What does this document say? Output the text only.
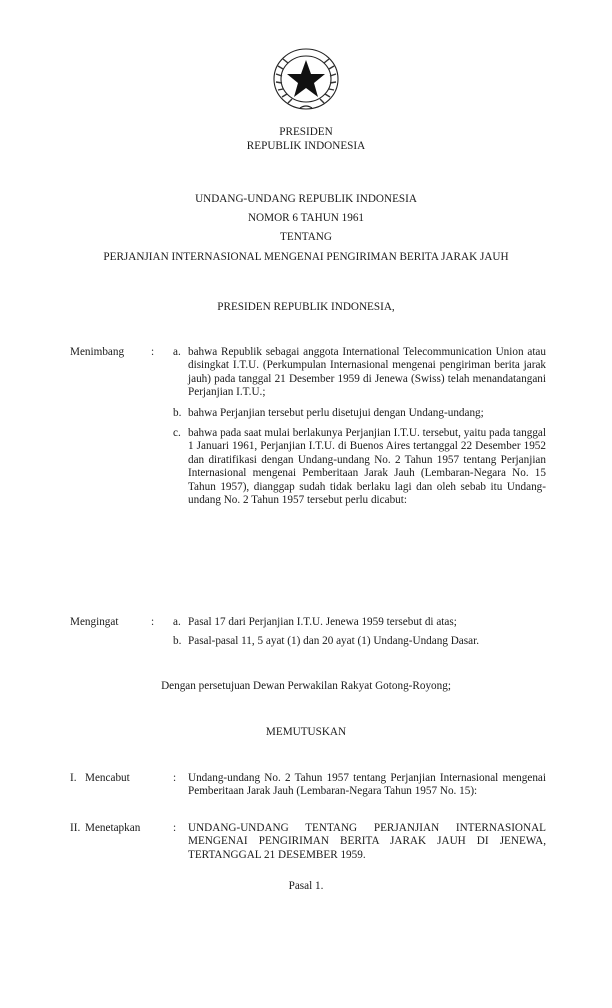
PRESIDEN
REPUBLIK INDONESIA
UNDANG-UNDANG REPUBLIK INDONESIA
NOMOR 6 TAHUN 1961
TENTANG
PERJANJIAN INTERNASIONAL MENGENAI PENGIRIMAN BERITA JARAK JAUH
PRESIDEN REPUBLIK INDONESIA,
Menimbang : a. bahwa Republik sebagai anggota International Telecommunication Union atau disingkat I.T.U. (Perkumpulan Internasional mengenai pengiriman berita jarak jauh) pada tanggal 21 Desember 1959 di Jenewa (Swiss) telah menandatangani Perjanjian I.T.U.;
b. bahwa Perjanjian tersebut perlu disetujui dengan Undang-undang;
c. bahwa pada saat mulai berlakunya Perjanjian I.T.U. tersebut, yaitu pada tanggal 1 Januari 1961, Perjanjian I.T.U. di Buenos Aires tertanggal 22 Desember 1952 dan diratifikasi dengan Undang-undang No. 2 Tahun 1957 tentang Perjanjian Internasional mengenai Pemberitaan Jarak Jauh (Lembaran-Negara No. 15 Tahun 1957), dianggap sudah tidak berlaku lagi dan oleh sebab itu Undang-undang No. 2 Tahun 1957 tersebut perlu dicabut:
Mengingat	: a. Pasal 17 dari Perjanjian I.T.U. Jenewa 1959 tersebut di atas;
b. Pasal-pasal 11, 5 ayat (1) dan 20 ayat (1) Undang-Undang Dasar.
Dengan persetujuan Dewan Perwakilan Rakyat Gotong-Royong;
MEMUTUSKAN
I. Mencabut	: Undang-undang No. 2 Tahun 1957 tentang Perjanjian Internasional mengenai Pemberitaan Jarak Jauh (Lembaran-Negara Tahun 1957 No. 15):
II. Menetapkan	: UNDANG-UNDANG TENTANG PERJANJIAN INTERNASIONAL MENGENAI PENGIRIMAN BERITA JARAK JAUH DI JENEWA, TERTANGGAL 21 DESEMBER 1959.
Pasal 1.
